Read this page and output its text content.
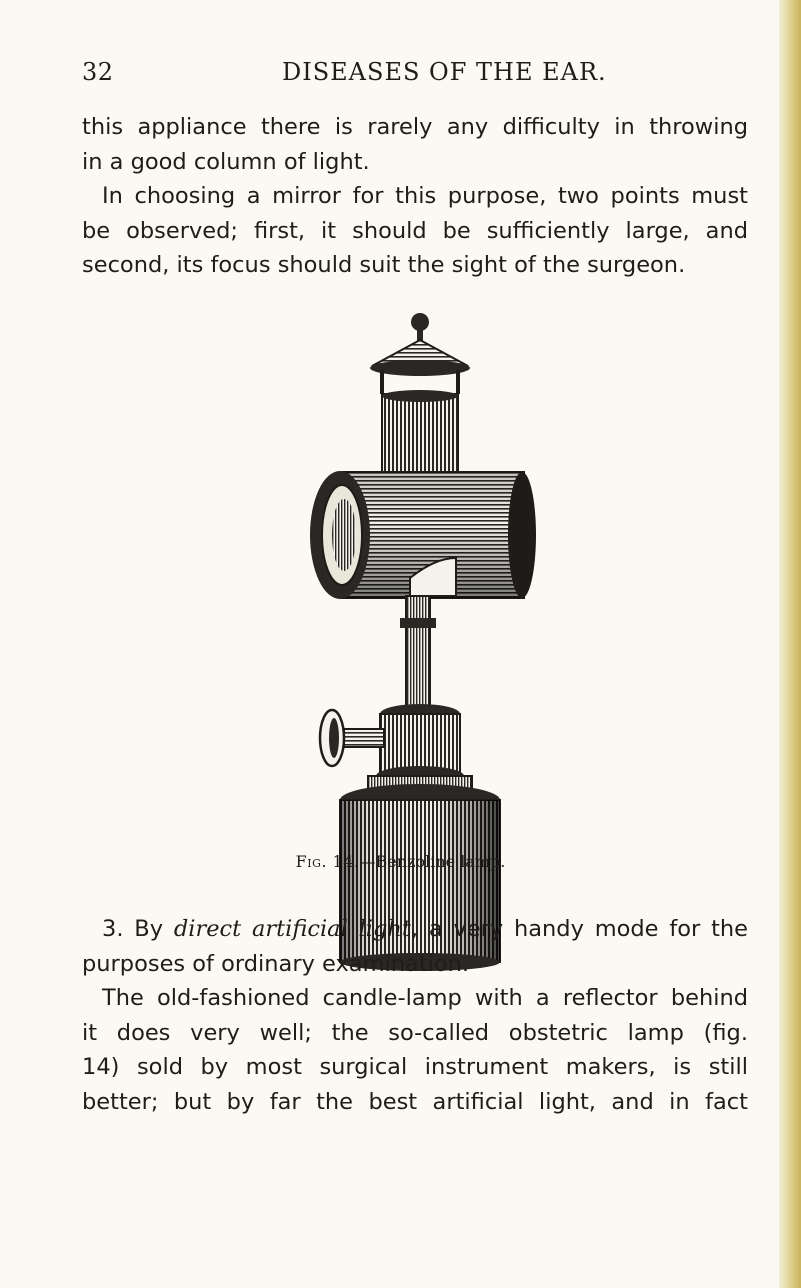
32	DISEASES OF THE EAR.
this appliance there is rarely any difficulty in throwing
in a good column of light.
In choosing a mirror for this purpose, two points must
be observed; first, it should be sufficiently large, and
second, its focus should suit the sight of the surgeon.
Fig. 14.—Benzoline lamp.
3. By direct artificial light, a very handy mode for the
purposes of ordinary examination.
The old-fashioned candle-lamp with a reflector behind
it does very well; the so-called obstetric lamp (fig.
14) sold by most surgical instrument makers, is still
better; but by far the best artificial light, and in fact
